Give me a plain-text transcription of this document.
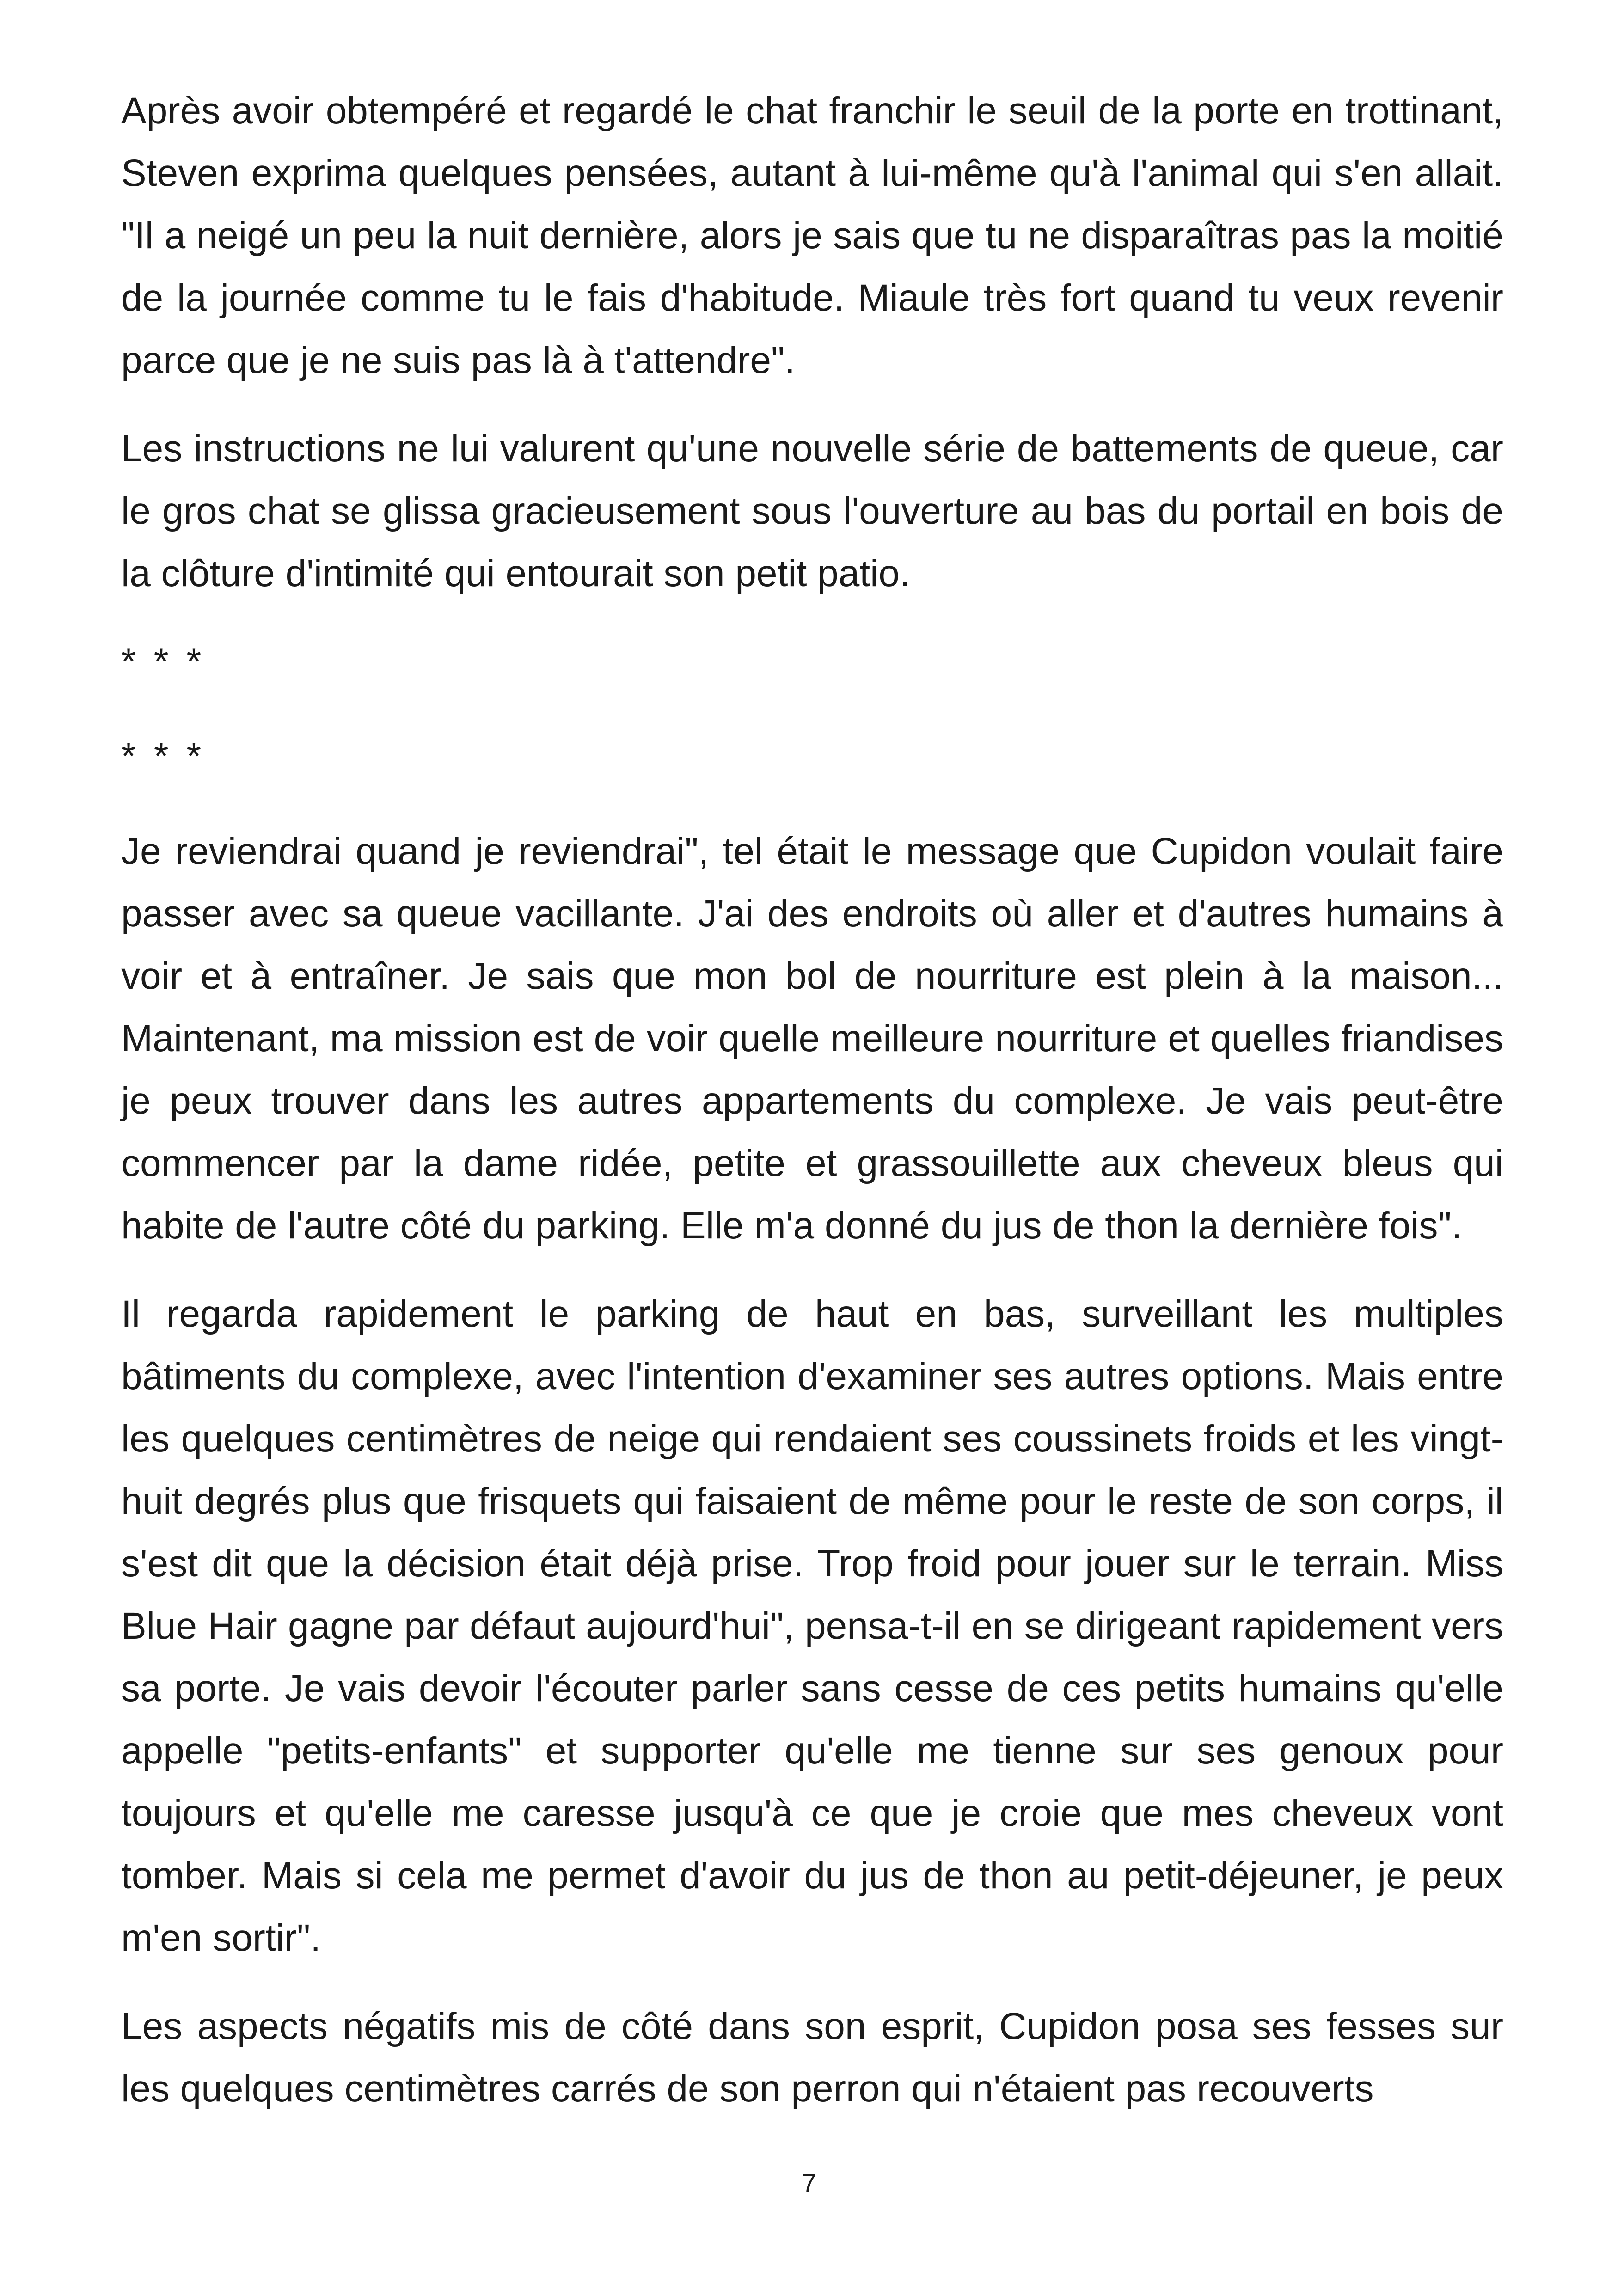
Après avoir obtempéré et regardé le chat franchir le seuil de la porte en trottinant, Steven exprima quelques pensées, autant à lui-même qu'à l'animal qui s'en allait. "Il a neigé un peu la nuit dernière, alors je sais que tu ne disparaîtras pas la moitié de la journée comme tu le fais d'habitude. Miaule très fort quand tu veux revenir parce que je ne suis pas là à t'attendre".

Les instructions ne lui valurent qu'une nouvelle série de battements de queue, car le gros chat se glissa gracieusement sous l'ouverture au bas du portail en bois de la clôture d'intimité qui entourait son petit patio.

* * *

* * *

Je reviendrai quand je reviendrai", tel était le message que Cupidon voulait faire passer avec sa queue vacillante. J'ai des endroits où aller et d'autres humains à voir et à entraîner. Je sais que mon bol de nourriture est plein à la maison... Maintenant, ma mission est de voir quelle meilleure nourriture et quelles friandises je peux trouver dans les autres appartements du complexe. Je vais peut-être commencer par la dame ridée, petite et grassouillette aux cheveux bleus qui habite de l'autre côté du parking. Elle m'a donné du jus de thon la dernière fois".

Il regarda rapidement le parking de haut en bas, surveillant les multiples bâtiments du complexe, avec l'intention d'examiner ses autres options. Mais entre les quelques centimètres de neige qui rendaient ses coussinets froids et les vingt-huit degrés plus que frisquets qui faisaient de même pour le reste de son corps, il s'est dit que la décision était déjà prise. Trop froid pour jouer sur le terrain. Miss Blue Hair gagne par défaut aujourd'hui", pensa-t-il en se dirigeant rapidement vers sa porte. Je vais devoir l'écouter parler sans cesse de ces petits humains qu'elle appelle "petits-enfants" et supporter qu'elle me tienne sur ses genoux pour toujours et qu'elle me caresse jusqu'à ce que je croie que mes cheveux vont tomber. Mais si cela me permet d'avoir du jus de thon au petit-déjeuner, je peux m'en sortir".

Les aspects négatifs mis de côté dans son esprit, Cupidon posa ses fesses sur les quelques centimètres carrés de son perron qui n'étaient pas recouverts

7
